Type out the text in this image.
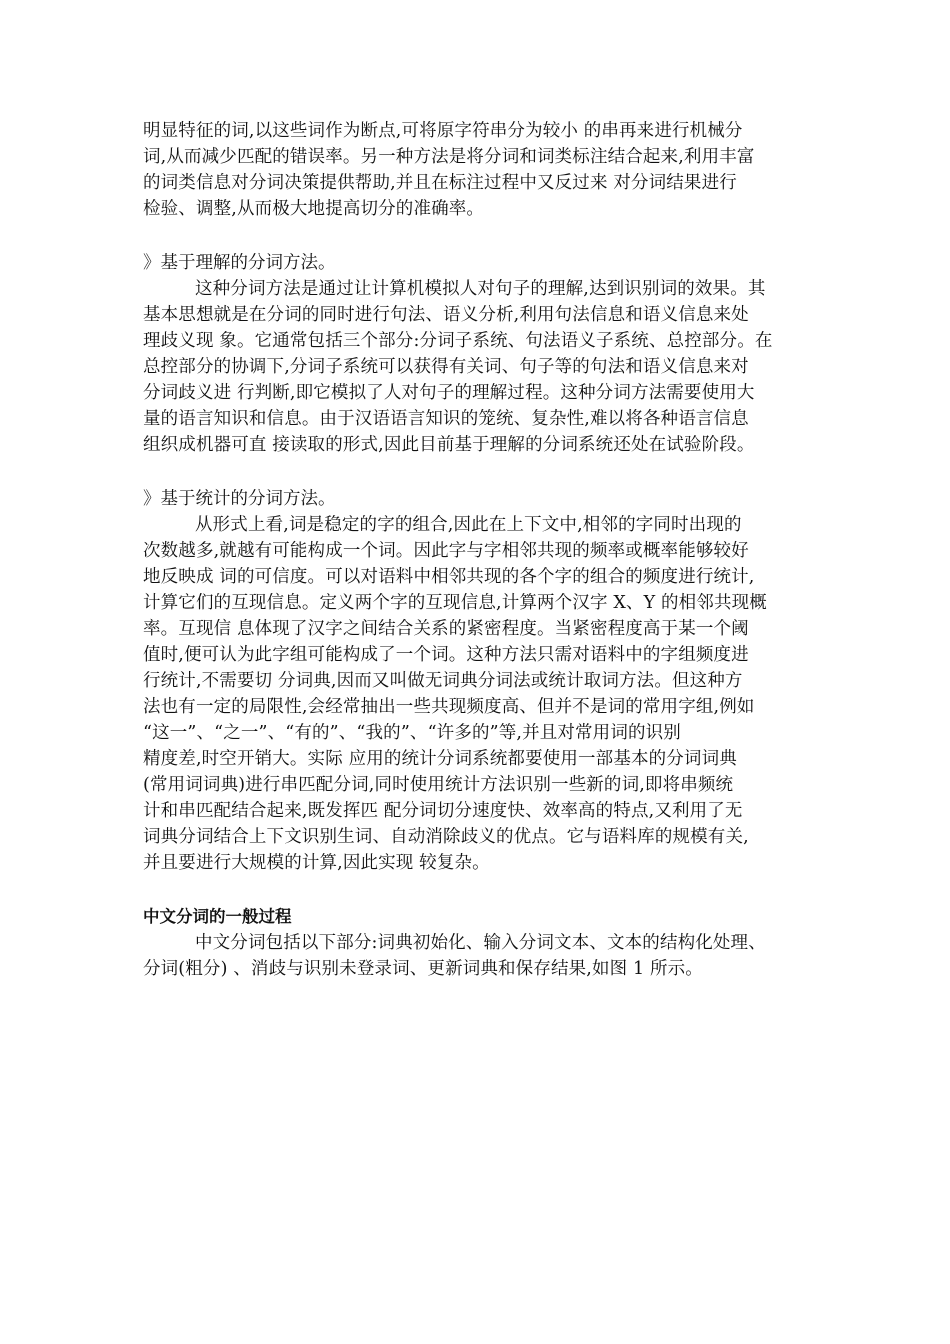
明显特征的词,以这些词作为断点,可将原字符串分为较小 的串再来进行机械分
词,从而减少匹配的错误率。另一种方法是将分词和词类标注结合起来,利用丰富
的词类信息对分词决策提供帮助,并且在标注过程中又反过来 对分词结果进行
检验、调整,从而极大地提高切分的准确率。
》基于理解的分词方法。
这种分词方法是通过让计算机模拟人对句子的理解,达到识别词的效果。其
基本思想就是在分词的同时进行句法、语义分析,利用句法信息和语义信息来处
理歧义现 象。它通常包括三个部分:分词子系统、句法语义子系统、总控部分。在
总控部分的协调下,分词子系统可以获得有关词、句子等的句法和语义信息来对
分词歧义进 行判断,即它模拟了人对句子的理解过程。这种分词方法需要使用大
量的语言知识和信息。由于汉语语言知识的笼统、复杂性,难以将各种语言信息
组织成机器可直 接读取的形式,因此目前基于理解的分词系统还处在试验阶段。
》基于统计的分词方法。
从形式上看,词是稳定的字的组合,因此在上下文中,相邻的字同时出现的
次数越多,就越有可能构成一个词。因此字与字相邻共现的频率或概率能够较好
地反映成 词的可信度。可以对语料中相邻共现的各个字的组合的频度进行统计,
计算它们的互现信息。定义两个字的互现信息,计算两个汉字 X、Y 的相邻共现概
率。互现信 息体现了汉字之间结合关系的紧密程度。当紧密程度高于某一个阈
值时,便可认为此字组可能构成了一个词。这种方法只需对语料中的字组频度进
行统计,不需要切 分词典,因而又叫做无词典分词法或统计取词方法。但这种方
法也有一定的局限性,会经常抽出一些共现频度高、但并不是词的常用字组,例如
“这一”、“之一”、“有的”、“我的”、“许多的”等,并且对常用词的识别
精度差,时空开销大。实际 应用的统计分词系统都要使用一部基本的分词词典
(常用词词典)进行串匹配分词,同时使用统计方法识别一些新的词,即将串频统
计和串匹配结合起来,既发挥匹 配分词切分速度快、效率高的特点,又利用了无
词典分词结合上下文识别生词、自动消除歧义的优点。它与语料库的规模有关,
并且要进行大规模的计算,因此实现 较复杂。
中文分词的一般过程
中文分词包括以下部分:词典初始化、输入分词文本、文本的结构化处理、
分词(粗分) 、消歧与识别未登录词、更新词典和保存结果,如图 1 所示。
